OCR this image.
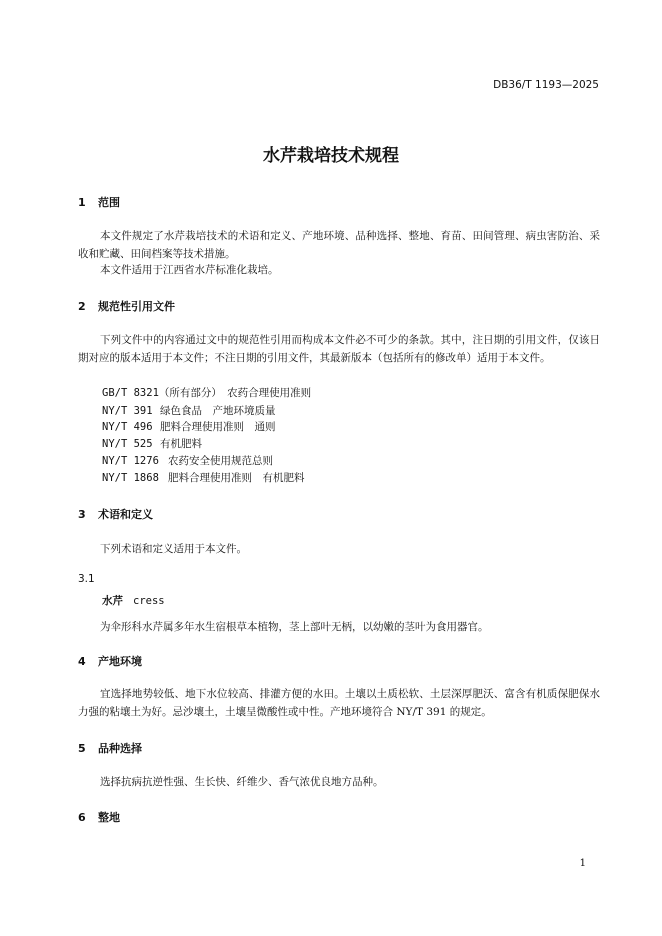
DB36/T 1193—2025
水芹栽培技术规程
1 范围
本文件规定了水芹栽培技术的术语和定义、产地环境、品种选择、整地、育苗、田间管理、病虫害防治、采收和贮藏、田间档案等技术措施。
本文件适用于江西省水芹标准化栽培。
2 规范性引用文件
下列文件中的内容通过文中的规范性引用而构成本文件必不可少的条款。其中，注日期的引用文件，仅该日期对应的版本适用于本文件；不注日期的引用文件，其最新版本（包括所有的修改单）适用于本文件。
GB/T 8321（所有部分）　 农药合理使用准则
NY/T 391 绿色食品　产地环境质量
NY/T 496 肥料合理使用准则　通则
NY/T 525 有机肥料
NY/T 1276 农药安全使用规范总则
NY/T 1868 肥料合理使用准则　有机肥料
3 术语和定义
下列术语和定义适用于本文件。
3.1
水芹 cress
为伞形科水芹属多年水生宿根草本植物，茎上部叶无柄，以幼嫩的茎叶为食用器官。
4 产地环境
宜选择地势较低、地下水位较高、排灌方便的水田。土壤以土质松软、土层深厚肥沃、富含有机质保肥保水力强的粘壤土为好。忌沙壤土，土壤呈微酸性或中性。产地环境符合 NY/T 391 的规定。
5 品种选择
选择抗病抗逆性强、生长快、纤维少、香气浓优良地方品种。
6 整地
1
